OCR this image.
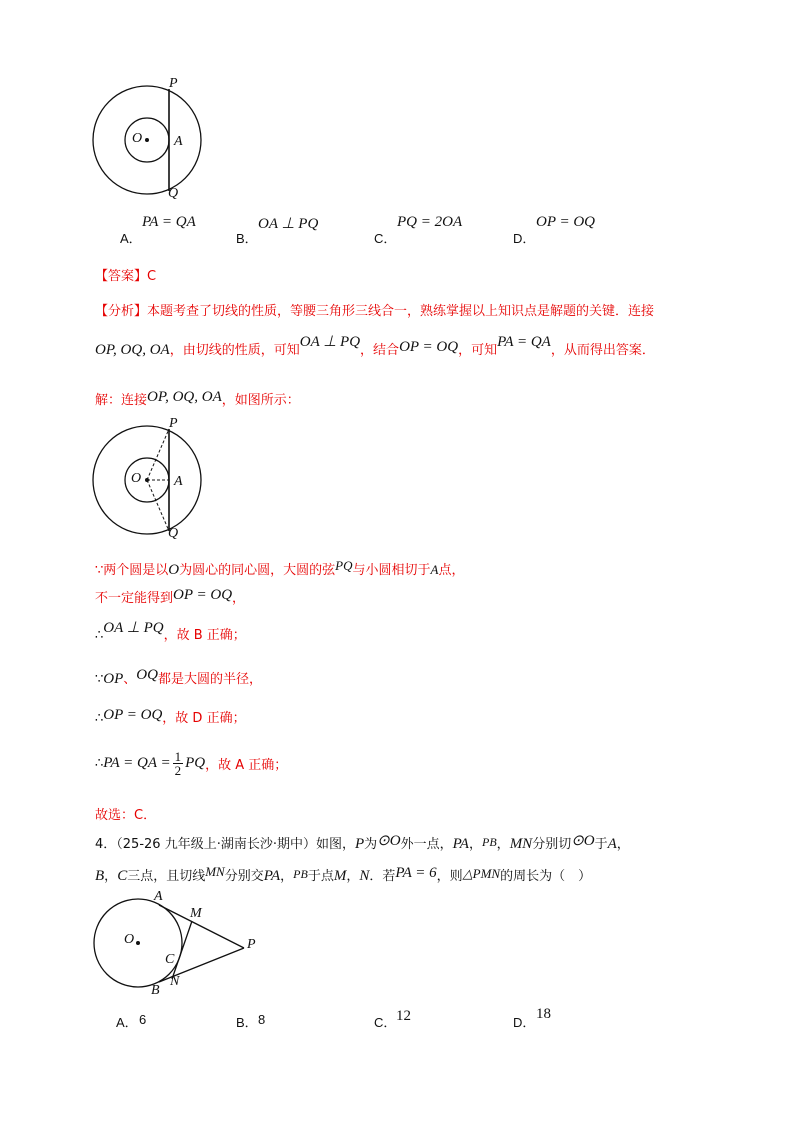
P
O A
Q
A．
PA = QA
B．
OA ⊥ PQ
C．
PQ = 2OA
D．
OP = OQ
【答案】C
【分析】本题考查了切线的性质，等腰三角形三线合一，熟练掌握以上知识点是解题的关键．连接
OP, OQ, OA，由切线的性质，可知OA ⊥ PQ，结合OP = OQ，可知PA = QA，从而得出答案．
解：连接OP, OQ, OA，如图所示：
P
O A
Q
∵两个圆是以O为圆心的同心圆，大圆的弦PQ与小圆相切于A点，
不一定能得到OP = OQ，
∴OA ⊥ PQ，故 B 正确；
∵OP、OQ都是大圆的半径，
∴OP = OQ，故 D 正确；
∴PA = QA = $\frac{1}{2}$ PQ，故 A 正确；
故选：C．
4．（25-26 九年级上·湖南长沙·期中）如图，P为⊙O外一点，PA，PB，MN分别切⊙O于A，
B，C三点，且切线MN分别交PA，PB于点M，N．若PA = 6，则△PMN的周长为（　）
A
M
O	P
C
N
B
A． 6	B． 8	C． 12	D．
18
